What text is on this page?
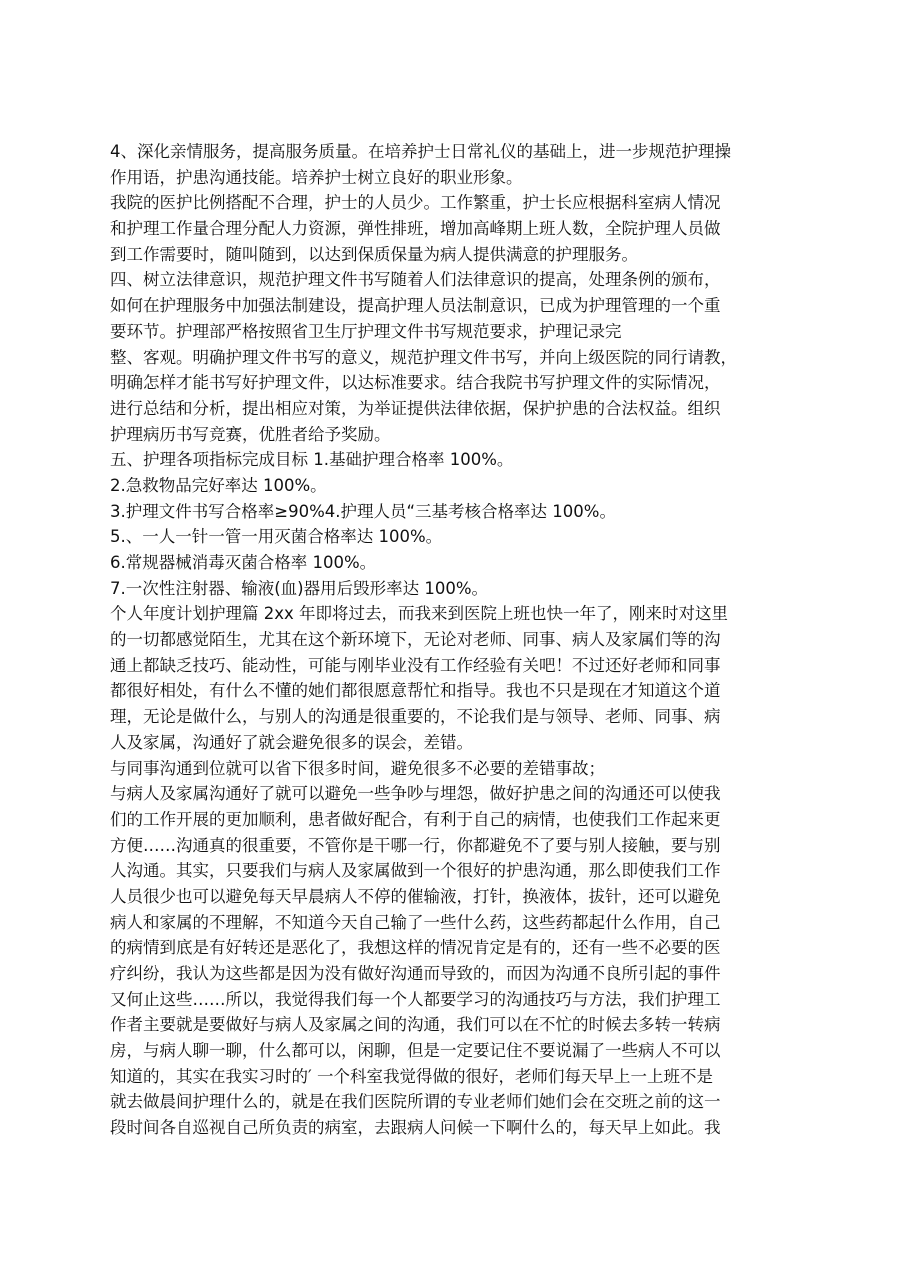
4、深化亲情服务，提高服务质量。在培养护士日常礼仪的基础上，进一步规范护理操
作用语，护患沟通技能。培养护士树立良好的职业形象。
我院的医护比例搭配不合理，护士的人员少。工作繁重，护士长应根据科室病人情况
和护理工作量合理分配人力资源，弹性排班，增加高峰期上班人数，全院护理人员做
到工作需要时，随叫随到，以达到保质保量为病人提供满意的护理服务。
四、树立法律意识，规范护理文件书写随着人们法律意识的提高，处理条例的颁布，
如何在护理服务中加强法制建设，提高护理人员法制意识，已成为护理管理的一个重
要环节。护理部严格按照省卫生厅护理文件书写规范要求，护理记录完
整、客观。明确护理文件书写的意义，规范护理文件书写，并向上级医院的同行请教，
明确怎样才能书写好护理文件，以达标准要求。结合我院书写护理文件的实际情况，
进行总结和分析，提出相应对策，为举证提供法律依据，保护护患的合法权益。组织
护理病历书写竞赛，优胜者给予奖励。
五、护理各项指标完成目标 1.基础护理合格率 100%。
2.急救物品完好率达 100%。
3.护理文件书写合格率≥90%4.护理人员“三基考核合格率达 100%。
5.、一人一针一管一用灭菌合格率达 100%。
6.常规器械消毒灭菌合格率 100%。
7.一次性注射器、输液(血)器用后毁形率达 100%。
个人年度计划护理篇 2xx 年即将过去，而我来到医院上班也快一年了，刚来时对这里
的一切都感觉陌生，尤其在这个新环境下，无论对老师、同事、病人及家属们等的沟
通上都缺乏技巧、能动性，可能与刚毕业没有工作经验有关吧！不过还好老师和同事
都很好相处，有什么不懂的她们都很愿意帮忙和指导。我也不只是现在才知道这个道
理，无论是做什么，与别人的沟通是很重要的，不论我们是与领导、老师、同事、病
人及家属，沟通好了就会避免很多的误会，差错。
与同事沟通到位就可以省下很多时间，避免很多不必要的差错事故；
与病人及家属沟通好了就可以避免一些争吵与埋怨，做好护患之间的沟通还可以使我
们的工作开展的更加顺利，患者做好配合，有利于自己的病情，也使我们工作起来更
方便……沟通真的很重要，不管你是干哪一行，你都避免不了要与别人接触，要与别
人沟通。其实，只要我们与病人及家属做到一个很好的护患沟通，那么即使我们工作
人员很少也可以避免每天早晨病人不停的催输液，打针，换液体，拔针，还可以避免
病人和家属的不理解，不知道今天自己输了一些什么药，这些药都起什么作用，自己
的病情到底是有好转还是恶化了，我想这样的情况肯定是有的，还有一些不必要的医
疗纠纷，我认为这些都是因为没有做好沟通而导致的，而因为沟通不良所引起的事件
又何止这些……所以，我觉得我们每一个人都要学习的沟通技巧与方法，我们护理工
作者主要就是要做好与病人及家属之间的沟通，我们可以在不忙的时候去多转一转病
房，与病人聊一聊，什么都可以，闲聊，但是一定要记住不要说漏了一些病人不可以
知道的，其实在我实习时的′ 一个科室我觉得做的很好，老师们每天早上一上班不是
就去做晨间护理什么的，就是在我们医院所谓的专业老师们她们会在交班之前的这一
段时间各自巡视自己所负责的病室，去跟病人问候一下啊什么的，每天早上如此。我
